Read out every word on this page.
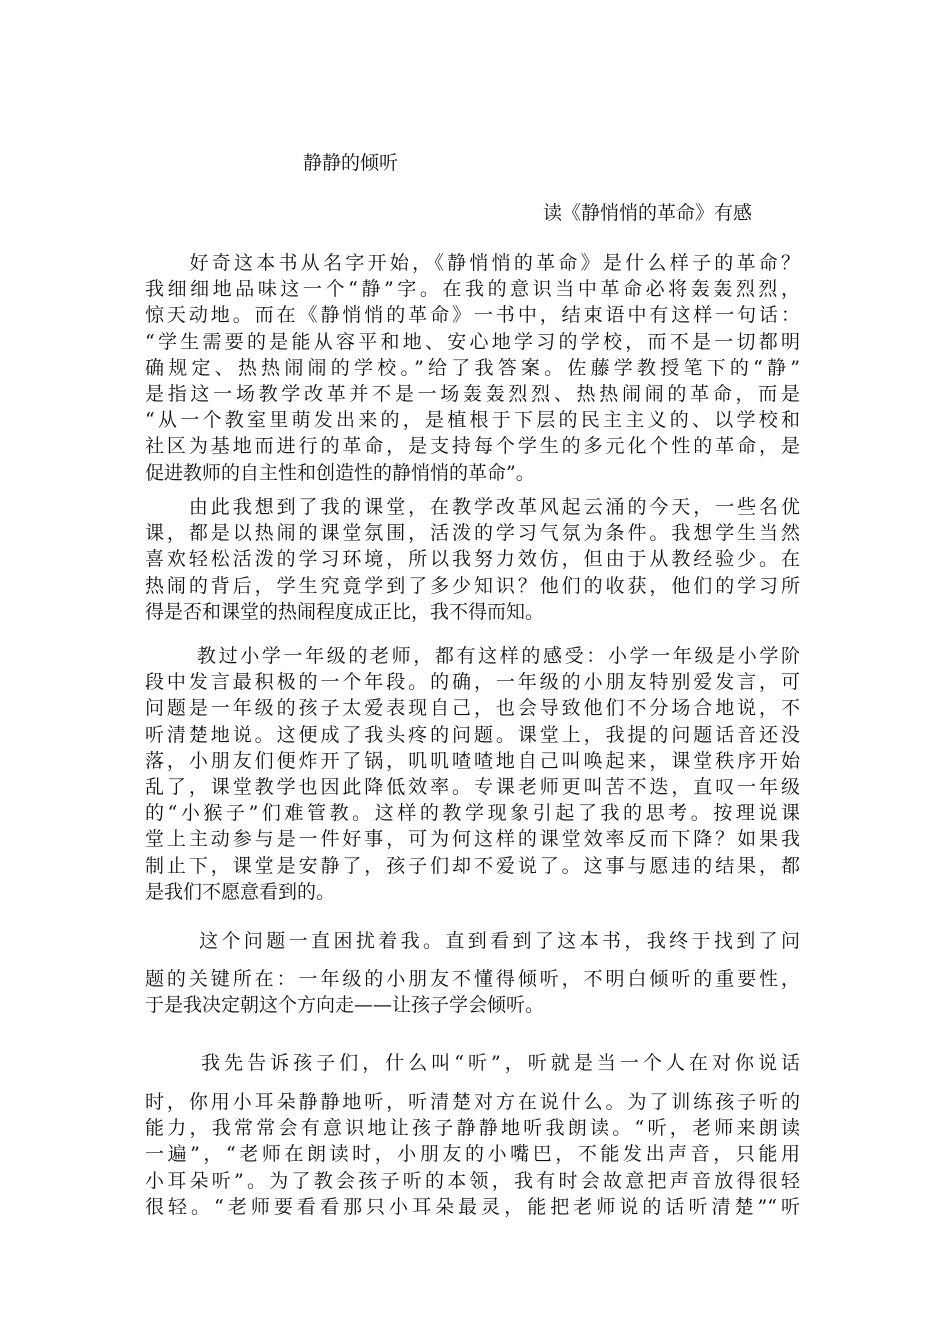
静静的倾听

读《静悄悄的革命》有感

　　好奇这本书从名字开始，《静悄悄的革命》是什么样子的革命？
我细细地品味这一个“静”字。在我的意识当中革命必将轰轰烈烈，
惊天动地。而在《静悄悄的革命》一书中，结束语中有这样一句话：
“学生需要的是能从容平和地、安心地学习的学校，而不是一切都明
确规定、热热闹闹的学校。”给了我答案。佐藤学教授笔下的“静”
是指这一场教学改革并不是一场轰轰烈烈、热热闹闹的革命，而是
“从一个教室里萌发出来的，是植根于下层的民主主义的、以学校和
社区为基地而进行的革命，是支持每个学生的多元化个性的革命，是
促进教师的自主性和创造性的静悄悄的革命”。
　　由此我想到了我的课堂，在教学改革风起云涌的今天，一些名优
课，都是以热闹的课堂氛围，活泼的学习气氛为条件。我想学生当然
喜欢轻松活泼的学习环境，所以我努力效仿，但由于从教经验少。在
热闹的背后，学生究竟学到了多少知识？他们的收获，他们的学习所
得是否和课堂的热闹程度成正比，我不得而知。
　　 教过小学一年级的老师，都有这样的感受：小学一年级是小学阶
段中发言最积极的一个年段。的确，一年级的小朋友特别爱发言，可
问题是一年级的孩子太爱表现自己，也会导致他们不分场合地说，不
听清楚地说。这便成了我头疼的问题。课堂上，我提的问题话音还没
落，小朋友们便炸开了锅，叽叽喳喳地自己叫唤起来，课堂秩序开始
乱了，课堂教学也因此降低效率。专课老师更叫苦不迭，直叹一年级
的“小猴子”们难管教。这样的教学现象引起了我的思考。按理说课
堂上主动参与是一件好事，可为何这样的课堂效率反而下降？如果我
制止下，课堂是安静了，孩子们却不爱说了。这事与愿违的结果，都
是我们不愿意看到的。
　　 这个问题一直困扰着我。直到看到了这本书，我终于找到了问
题的关键所在：一年级的小朋友不懂得倾听，不明白倾听的重要性，
于是我决定朝这个方向走——让孩子学会倾听。
　　 我先告诉孩子们，什么叫“听”，听就是当一个人在对你说话
时，你用小耳朵静静地听，听清楚对方在说什么。为了训练孩子听的
能力，我常常会有意识地让孩子静静地听我朗读。“听，老师来朗读
一遍”，“老师在朗读时，小朋友的小嘴巴，不能发出声音，只能用
小耳朵听”。为了教会孩子听的本领，我有时会故意把声音放得很轻
很轻。“老师要看看那只小耳朵最灵，能把老师说的话听清楚”“听
